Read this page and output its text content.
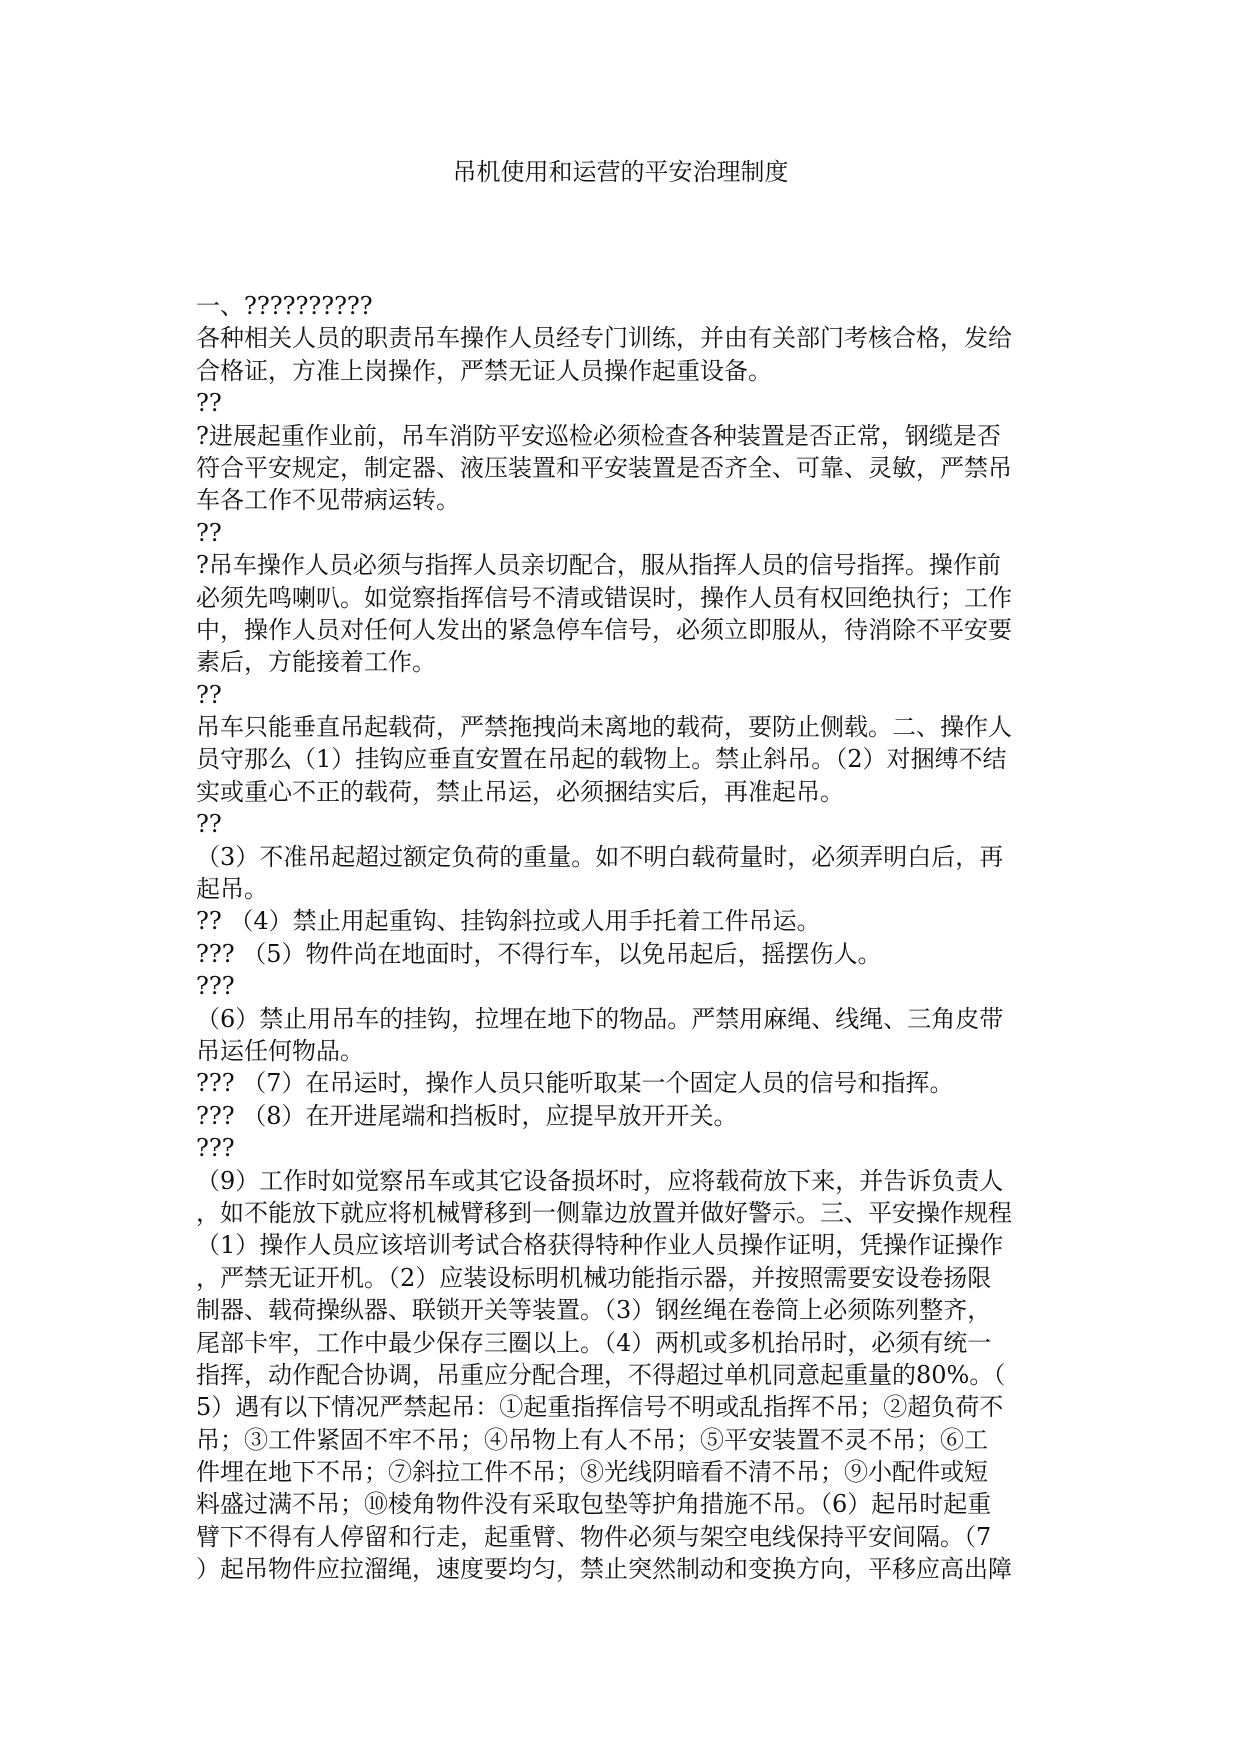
吊机使用和运营的平安治理制度
一、??????????
各种相关人员的职责吊车操作人员经专门训练，并由有关部门考核合格，发给
合格证，方准上岗操作，严禁无证人员操作起重设备。
??
?进展起重作业前，吊车消防平安巡检必须检查各种装置是否正常，钢缆是否
符合平安规定，制定器、液压装置和平安装置是否齐全、可靠、灵敏，严禁吊
车各工作不见带病运转。
??
?吊车操作人员必须与指挥人员亲切配合，服从指挥人员的信号指挥。操作前
必须先鸣喇叭。如觉察指挥信号不清或错误时，操作人员有权回绝执行；工作
中，操作人员对任何人发出的紧急停车信号，必须立即服从，待消除不平安要
素后，方能接着工作。
??
吊车只能垂直吊起载荷，严禁拖拽尚未离地的载荷，要防止侧载。二、操作人
员守那么（1）挂钩应垂直安置在吊起的载物上。禁止斜吊。（2）对捆缚不结
实或重心不正的载荷，禁止吊运，必须捆结实后，再准起吊。
??
（3）不准吊起超过额定负荷的重量。如不明白载荷量时，必须弄明白后，再
起吊。
?? （4）禁止用起重钩、挂钩斜拉或人用手托着工件吊运。
??? （5）物件尚在地面时，不得行车，以免吊起后，摇摆伤人。
???
（6）禁止用吊车的挂钩，拉埋在地下的物品。严禁用麻绳、线绳、三角皮带
吊运任何物品。
??? （7）在吊运时，操作人员只能听取某一个固定人员的信号和指挥。
??? （8）在开进尾端和挡板时，应提早放开开关。
???
（9）工作时如觉察吊车或其它设备损坏时，应将载荷放下来，并告诉负责人
，如不能放下就应将机械臂移到一侧靠边放置并做好警示。三、平安操作规程
（1）操作人员应该培训考试合格获得特种作业人员操作证明，凭操作证操作
，严禁无证开机。（2）应装设标明机械功能指示器，并按照需要安设卷扬限
制器、载荷操纵器、联锁开关等装置。（3）钢丝绳在卷筒上必须陈列整齐，
尾部卡牢，工作中最少保存三圈以上。（4）两机或多机抬吊时，必须有统一
指挥，动作配合协调，吊重应分配合理，不得超过单机同意起重量的80%。（
5）遇有以下情况严禁起吊：①起重指挥信号不明或乱指挥不吊；②超负荷不
吊；③工件紧固不牢不吊；④吊物上有人不吊；⑤平安装置不灵不吊；⑥工
件埋在地下不吊；⑦斜拉工件不吊；⑧光线阴暗看不清不吊；⑨小配件或短
料盛过满不吊；⑩棱角物件没有采取包垫等护角措施不吊。（6）起吊时起重
臂下不得有人停留和行走，起重臂、物件必须与架空电线保持平安间隔。（7
）起吊物件应拉溜绳，速度要均匀，禁止突然制动和变换方向，平移应高出障
